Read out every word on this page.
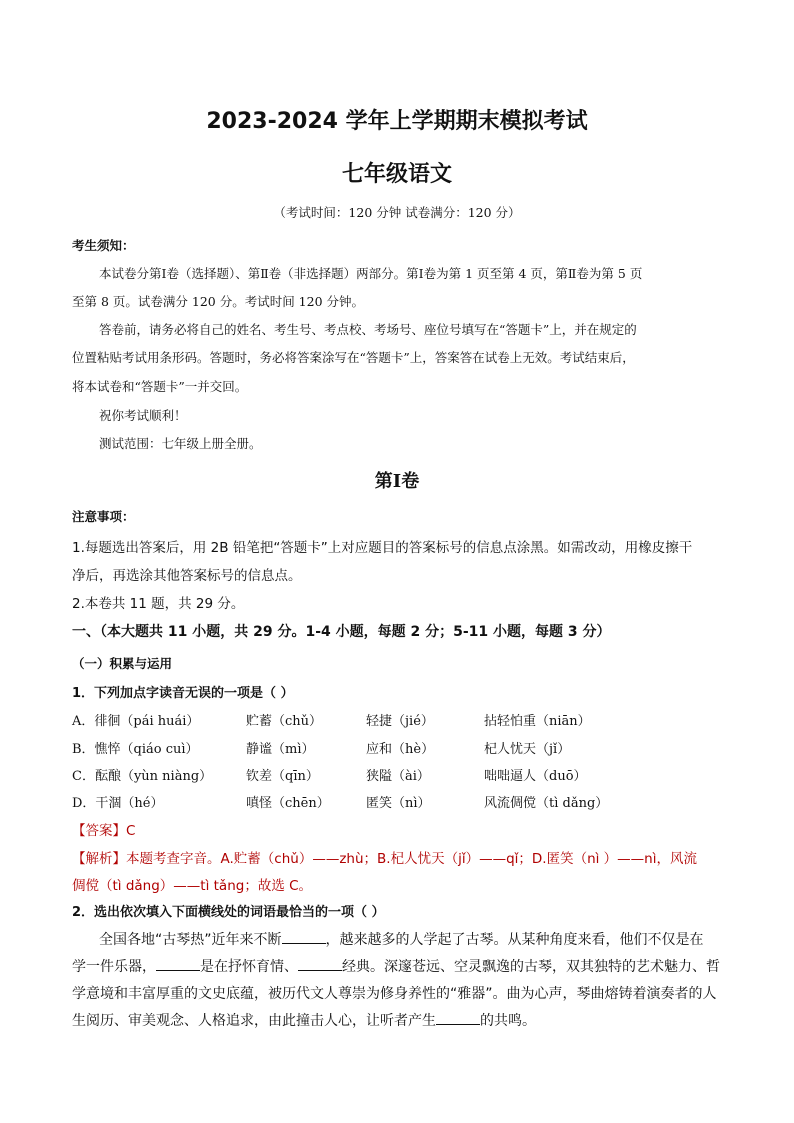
2023-2024 学年上学期期末模拟考试
七年级语文
（考试时间：120 分钟 试卷满分：120 分）
考生须知：
本试卷分第Ⅰ卷（选择题）、第Ⅱ卷（非选择题）两部分。第Ⅰ卷为第 1 页至第 4 页，第Ⅱ卷为第 5 页
至第 8 页。试卷满分 120 分。考试时间 120 分钟。
答卷前，请务必将自己的姓名、考生号、考点校、考场号、座位号填写在“答题卡”上，并在规定的
位置粘贴考试用条形码。答题时，务必将答案涂写在“答题卡”上，答案答在试卷上无效。考试结束后，
将本试卷和“答题卡”一并交回。
祝你考试顺利！
测试范围：七年级上册全册。
第Ⅰ卷
注意事项：
1.每题选出答案后，用 2B 铅笔把“答题卡”上对应题目的答案标号的信息点涂黑。如需改动，用橡皮擦干
净后，再选涂其他答案标号的信息点。
2.本卷共 11 题，共 29 分。
一、（本大题共 11 小题，共 29 分。1-4 小题，每题 2 分；5-11 小题，每题 3 分）
（一）积累与运用
1．下列加点字读音无误的一项是（ ）
A．徘徊（pái huái）	贮蓄（chǔ）	轻捷（jié）	拈轻怕重（niān）
B．憔悴（qiáo cuì）	静谧（mì）	应和（hè）	杞人忧天（jǐ）
C．酝酿（yùn niàng）	钦差（qīn）	狭隘（ài）	咄咄逼人（duō）
D．干涸（hé）	嗔怪（chēn）	匿笑（nì）	风流倜傥（tì dǎng）
【答案】C
【解析】本题考查字音。A.贮蓄（chǔ）——zhù；B.杞人忧天（jǐ）——qǐ；D.匿笑（nì ）——nì，风流
倜傥（tì dǎng）——tì tǎng；故选 C。
2．选出依次填入下面横线处的词语最恰当的一项（ ）
全国各地“古琴热”近年来不断	，越来越多的人学起了古琴。从某种角度来看，他们不仅是在
学一件乐器，	是在抒怀育情、	经典。深邃苍远、空灵飘逸的古琴，双其独特的艺术魅力、哲
学意境和丰富厚重的文史底蕴，被历代文人尊崇为修身养性的“雅器”。曲为心声，琴曲熔铸着演奏者的人
生阅历、审美观念、人格追求，由此撞击人心，让听者产生	的共鸣。
